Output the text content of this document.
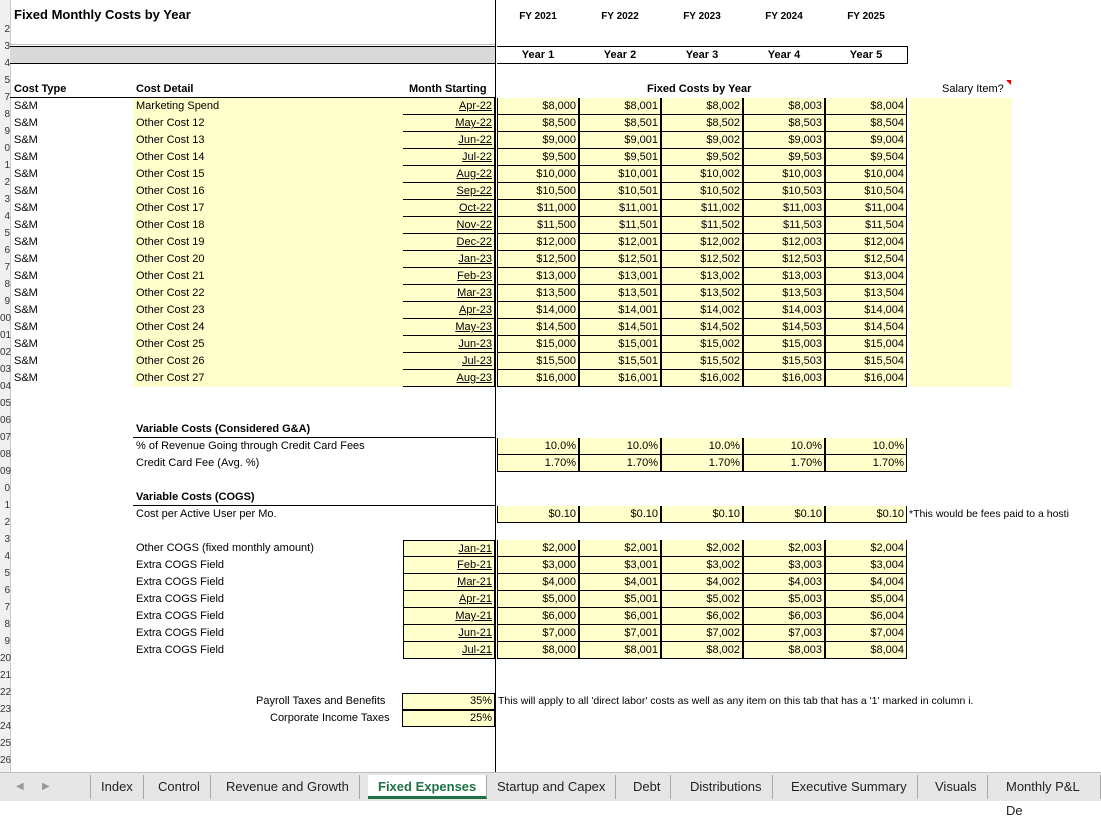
2
3
4
5
7
8
9
0
1
2
3
4
5
6
7
8
9
00
01
02
03
04
05
06
07
08
09
0
1
2
3
4
5
6
7
8
9
20
21
22
23
24
25
26
Fixed Monthly Costs by Year	FY 2021	FY 2022	FY 2023	FY 2024	FY 2025
Year 1	Year 2	Year 3	Year 4	Year 5
Cost Type	Cost Detail	Month Starting	Fixed Costs by Year	Salary Item?
S&M	Marketing Spend	Apr-22	$8,000	$8,001	$8,002	$8,003	$8,004
S&M	Other Cost 12	May-22	$8,500	$8,501	$8,502	$8,503	$8,504
S&M	Other Cost 13	Jun-22	$9,000	$9,001	$9,002	$9,003	$9,004
S&M	Other Cost 14	Jul-22	$9,500	$9,501	$9,502	$9,503	$9,504
S&M	Other Cost 15	Aug-22	$10,000	$10,001	$10,002	$10,003	$10,004
S&M	Other Cost 16	Sep-22	$10,500	$10,501	$10,502	$10,503	$10,504
S&M	Other Cost 17	Oct-22	$11,000	$11,001	$11,002	$11,003	$11,004
S&M	Other Cost 18	Nov-22	$11,500	$11,501	$11,502	$11,503	$11,504
S&M	Other Cost 19	Dec-22	$12,000	$12,001	$12,002	$12,003	$12,004
S&M	Other Cost 20	Jan-23	$12,500	$12,501	$12,502	$12,503	$12,504
S&M	Other Cost 21	Feb-23	$13,000	$13,001	$13,002	$13,003	$13,004
S&M	Other Cost 22	Mar-23	$13,500	$13,501	$13,502	$13,503	$13,504
S&M	Other Cost 23	Apr-23	$14,000	$14,001	$14,002	$14,003	$14,004
S&M	Other Cost 24	May-23	$14,500	$14,501	$14,502	$14,503	$14,504
S&M	Other Cost 25	Jun-23	$15,000	$15,001	$15,002	$15,003	$15,004
S&M	Other Cost 26	Jul-23	$15,500	$15,501	$15,502	$15,503	$15,504
S&M	Other Cost 27	Aug-23	$16,000	$16,001	$16,002	$16,003	$16,004
Variable Costs (Considered G&A)
% of Revenue Going through Credit Card Fees	10.0%	10.0%	10.0%	10.0%	10.0%
Credit Card Fee (Avg. %)	1.70%	1.70%	1.70%	1.70%	1.70%
Variable Costs (COGS)
Cost per Active User per Mo.	$0.10	$0.10	$0.10	$0.10	$0.10 *This would be fees paid to a hosti
Other COGS (fixed monthly amount)	Jan-21	$2,000	$2,001	$2,002	$2,003	$2,004
Extra COGS Field	Feb-21	$3,000	$3,001	$3,002	$3,003	$3,004
Extra COGS Field	Mar-21	$4,000	$4,001	$4,002	$4,003	$4,004
Extra COGS Field	Apr-21	$5,000	$5,001	$5,002	$5,003	$5,004
Extra COGS Field	May-21	$6,000	$6,001	$6,002	$6,003	$6,004
Extra COGS Field	Jun-21	$7,000	$7,001	$7,002	$7,003	$7,004
Extra COGS Field	Jul-21	$8,000	$8,001	$8,002	$8,003	$8,004
Payroll Taxes and Benefits	35% This will apply to all 'direct labor' costs as well as any item on this tab that has a '1' marked in column i.
Corporate Income Taxes	25%
◀ ▶	Index	Control	Revenue and Growth	Fixed Expenses	Startup and Capex	Debt	Distributions	Executive Summary	Visuals	Monthly P&L De
